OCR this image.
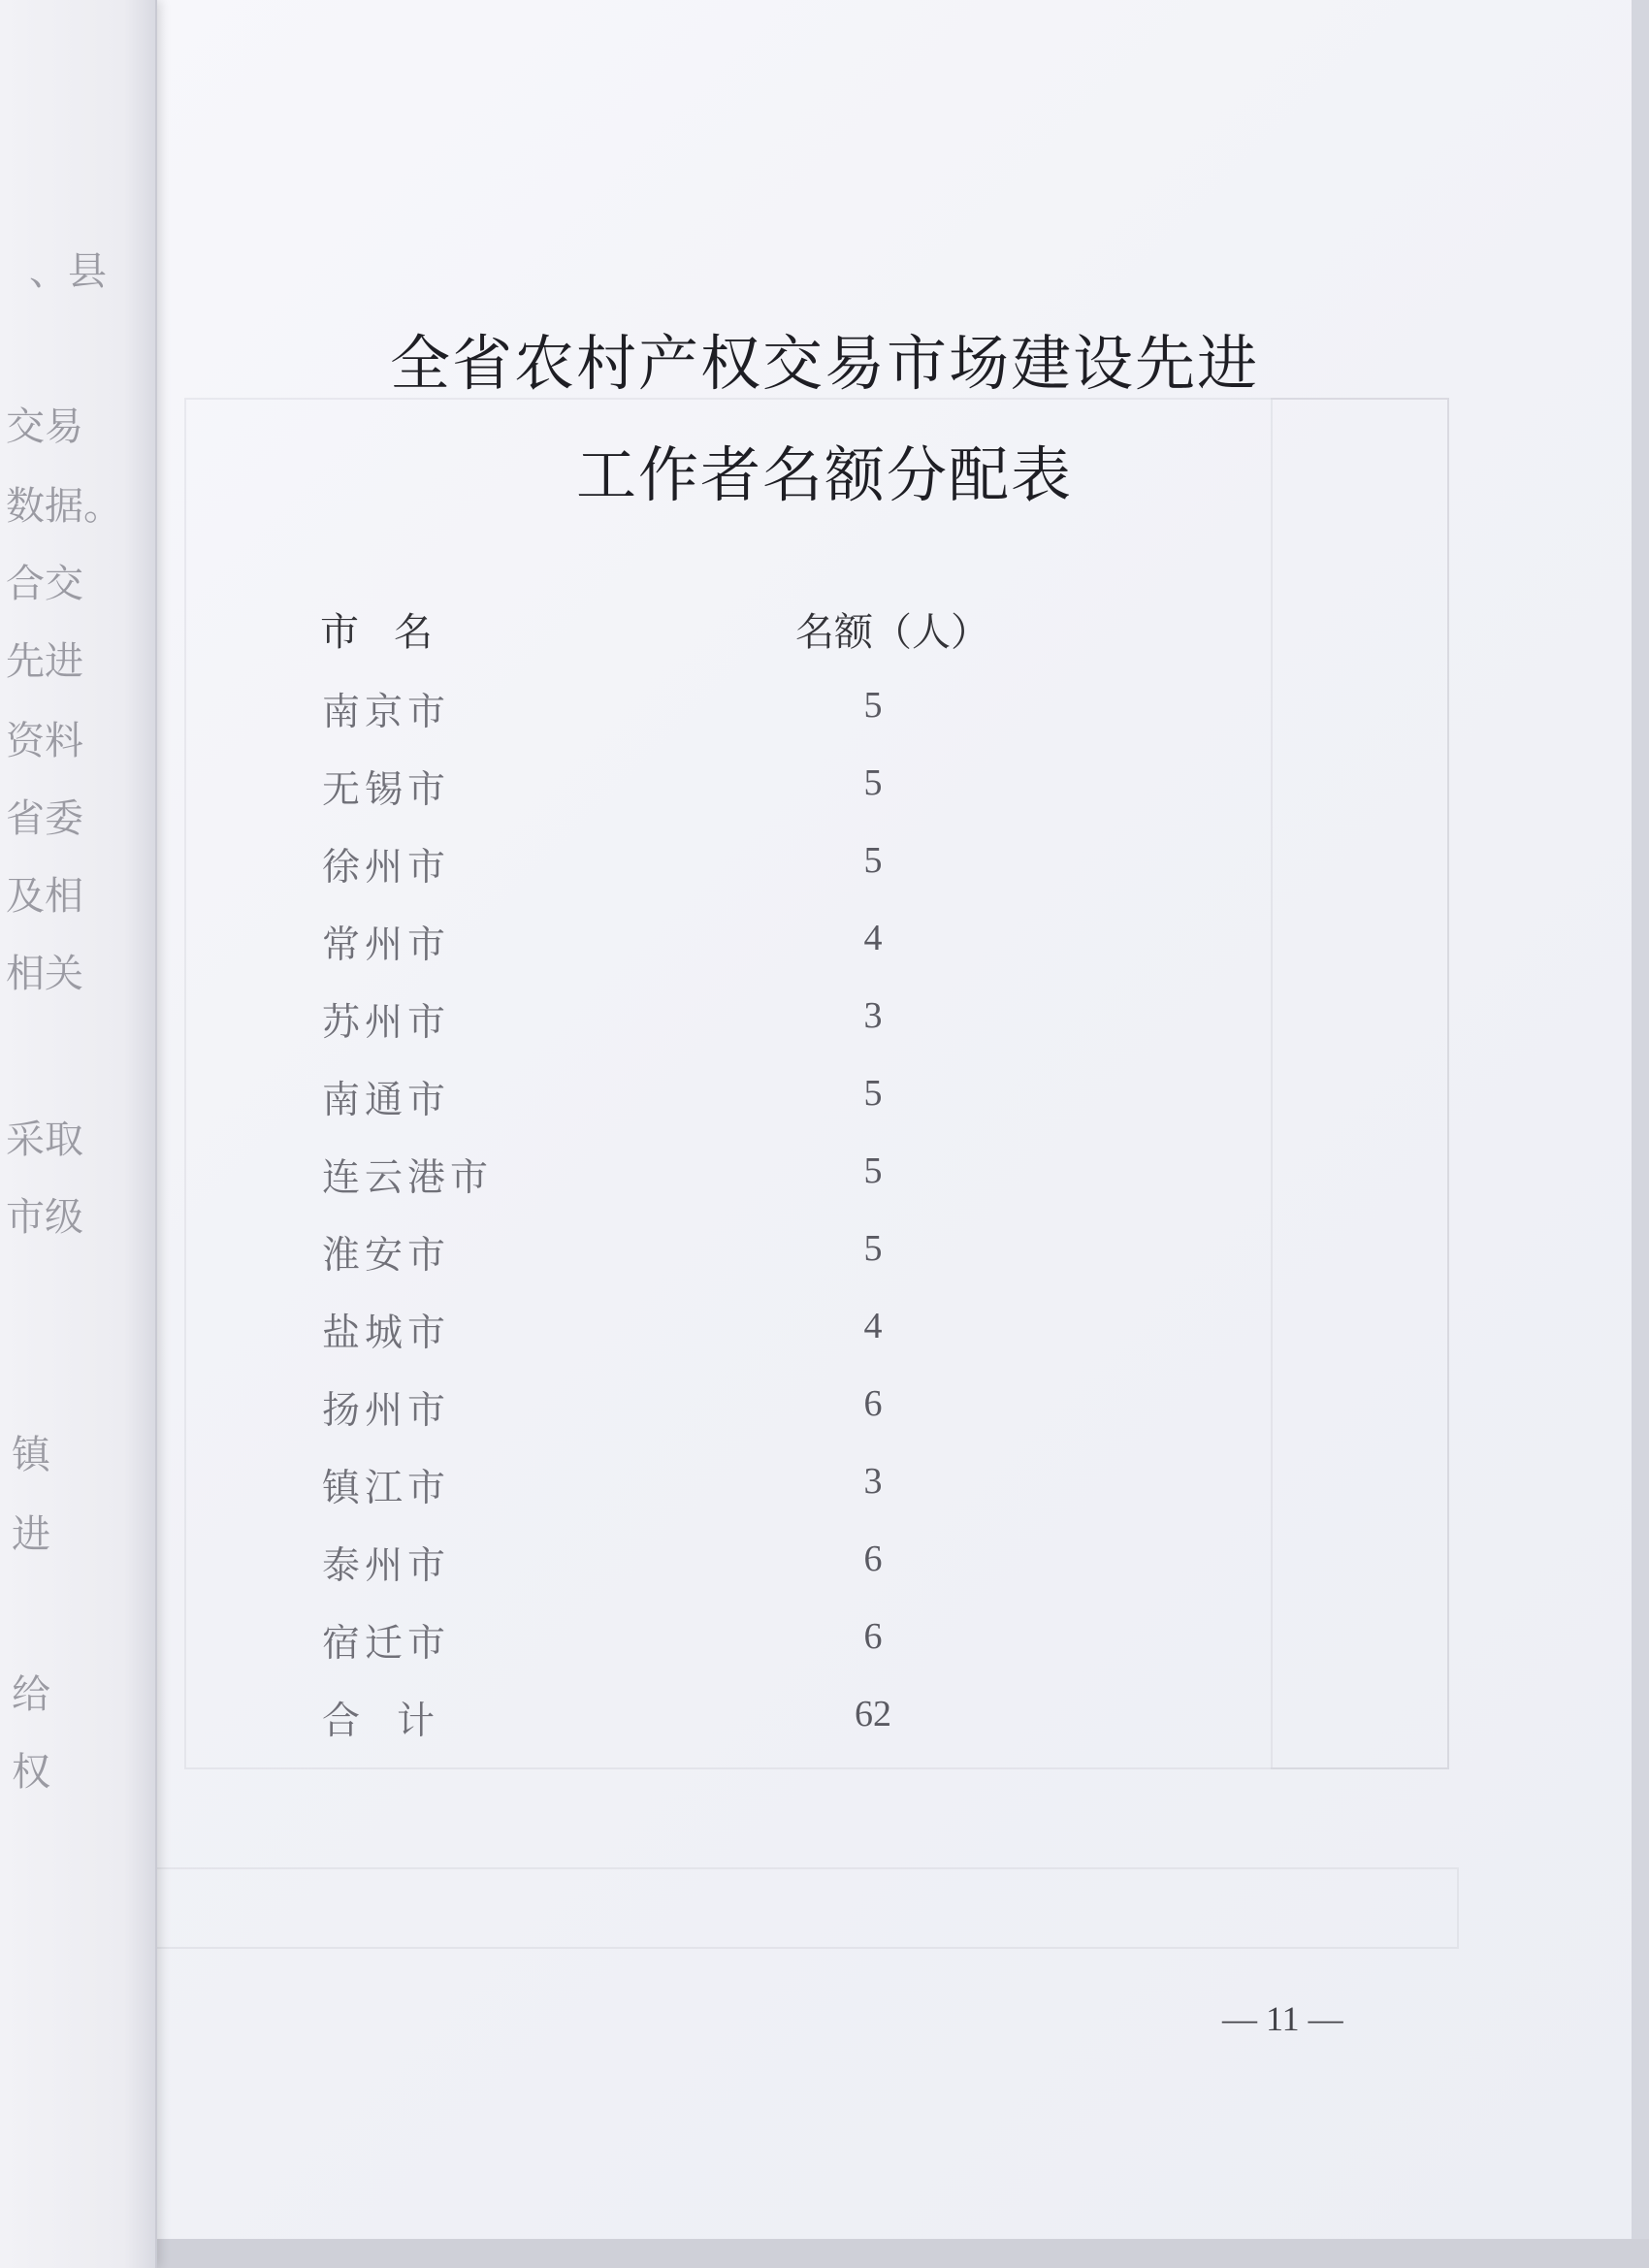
、县
交易
数据。
合交
先进
资料
省委
及相
相关
采取
市级
镇
进
给
权
全省农村产权交易市场建设先进
工作者名额分配表
市名	名额（人）
南京市	5
无锡市	5
徐州市	5
常州市	4
苏州市	3
南通市	5
连云港市	5
淮安市	5
盐城市	4
扬州市	6
镇江市	3
泰州市	6
宿迁市	6
合计	62
— 11 —
